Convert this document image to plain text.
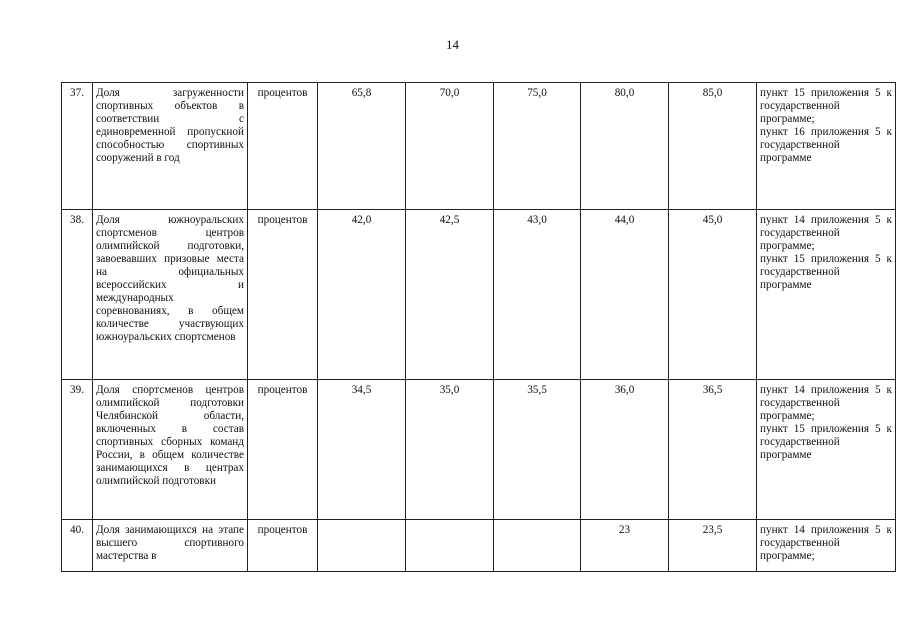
14
37.	Доля загруженности спортивных объектов в соответствии с единовременной пропускной способностью спортивных сооружений в год	процентов	65,8	70,0	75,0	80,0	85,0	пункт 15 приложения 5 к государственной программе;
пункт 16 приложения 5 к государственной программе

38.	Доля южноуральских спортсменов центров олимпийской подготовки, завоевавших призовые места на официальных всероссийских и международных соревнованиях, в общем количестве участвующих южноуральских спортсменов	процентов	42,0	42,5	43,0	44,0	45,0	пункт 14 приложения 5 к государственной программе;
пункт 15 приложения 5 к государственной программе

39.	Доля спортсменов центров олимпийской подготовки Челябинской области, включенных в состав спортивных сборных команд России, в общем количестве занимающихся в центрах олимпийской подготовки	процентов	34,5	35,0	35,5	36,0	36,5	пункт 14 приложения 5 к государственной программе;
пункт 15 приложения 5 к государственной программе

40.	Доля занимающихся на этапе высшего спортивного мастерства в	процентов				23	23,5	пункт 14 приложения 5 к государственной программе;
